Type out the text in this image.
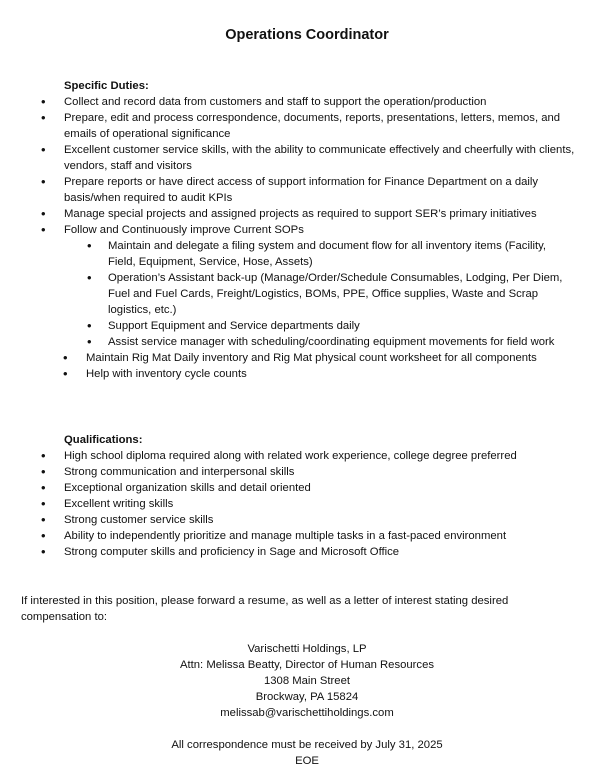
Operations Coordinator
Specific Duties:
• Collect and record data from customers and staff to support the operation/production
• Prepare, edit and process correspondence, documents, reports, presentations, letters, memos, and emails of operational significance
• Excellent customer service skills, with the ability to communicate effectively and cheerfully with clients, vendors, staff and visitors
• Prepare reports or have direct access of support information for Finance Department on a daily basis/when required to audit KPIs
• Manage special projects and assigned projects as required to support SER’s primary initiatives
• Follow and Continuously improve Current SOPs
• Maintain and delegate a filing system and document flow for all inventory items (Facility, Field, Equipment, Service, Hose, Assets)
• Operation’s Assistant back-up (Manage/Order/Schedule Consumables, Lodging, Per Diem, Fuel and Fuel Cards, Freight/Logistics, BOMs, PPE, Office supplies, Waste and Scrap logistics, etc.)
• Support Equipment and Service departments daily
• Assist service manager with scheduling/coordinating equipment movements for field work
• Maintain Rig Mat Daily inventory and Rig Mat physical count worksheet for all components
• Help with inventory cycle counts
Qualifications:
• High school diploma required along with related work experience, college degree preferred
• Strong communication and interpersonal skills
• Exceptional organization skills and detail oriented
• Excellent writing skills
• Strong customer service skills
• Ability to independently prioritize and manage multiple tasks in a fast-paced environment
• Strong computer skills and proficiency in Sage and Microsoft Office
If interested in this position, please forward a resume, as well as a letter of interest stating desired compensation to:
Varischetti Holdings, LP
Attn: Melissa Beatty, Director of Human Resources
1308 Main Street
Brockway, PA 15824
melissab@varischettiholdings.com
All correspondence must be received by July 31, 2025
EOE
